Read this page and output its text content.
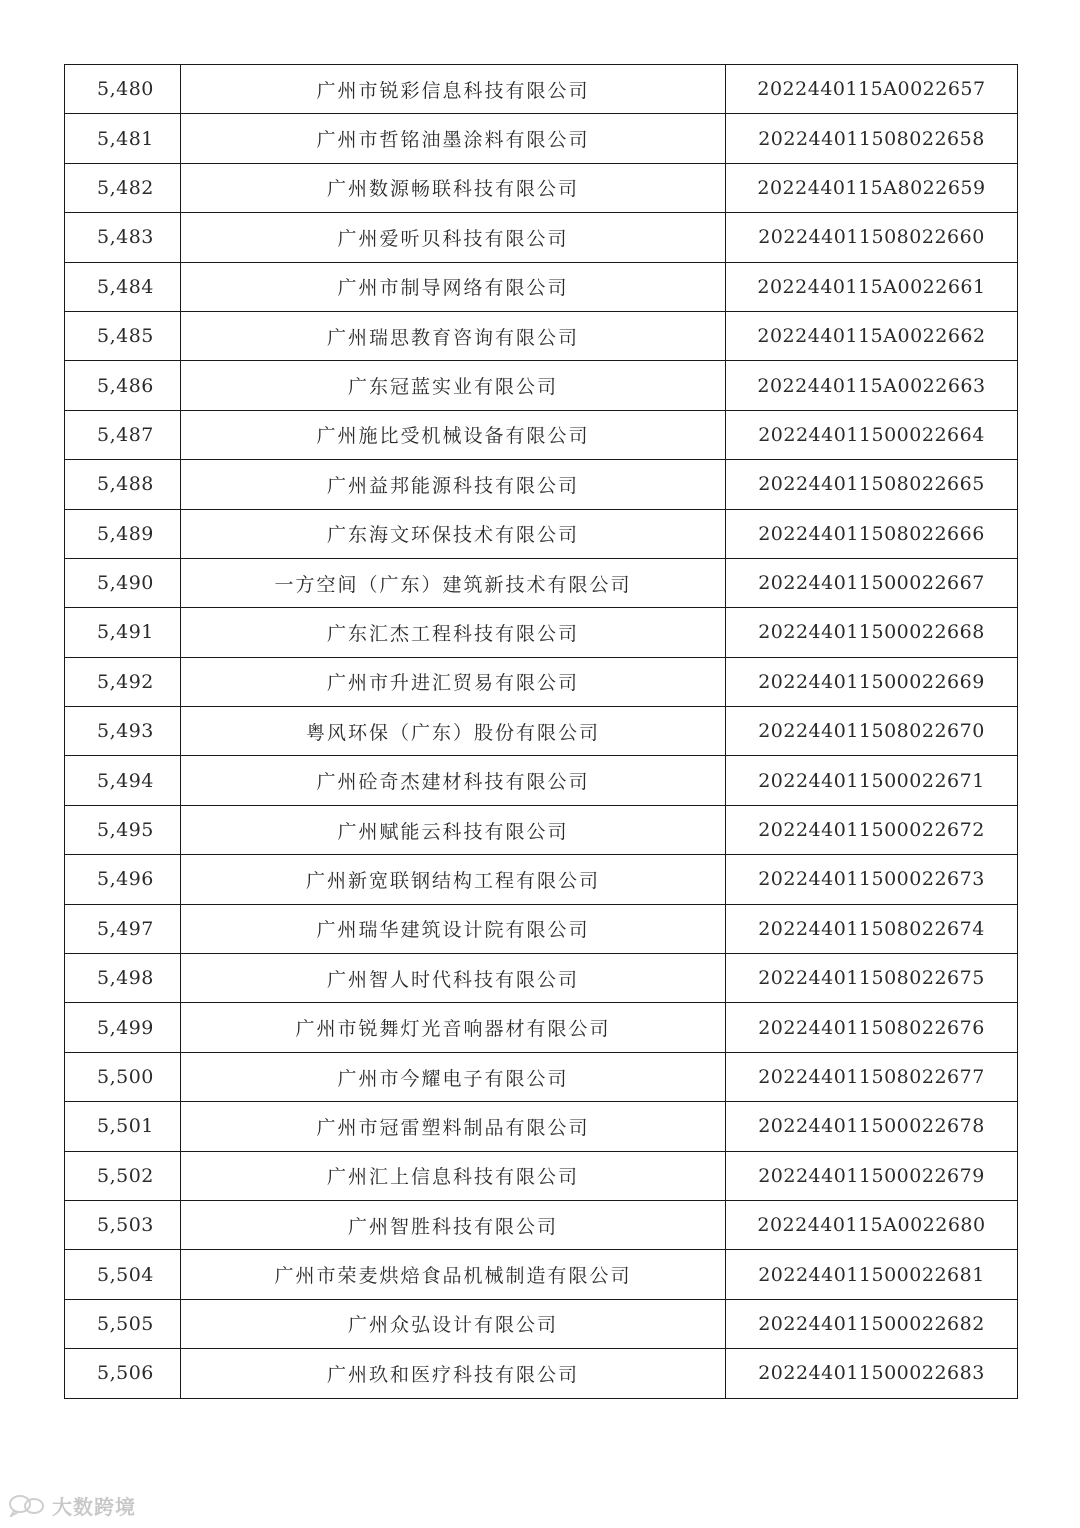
5,480	广州市锐彩信息科技有限公司	2022440115A0022657
5,481	广州市哲铭油墨涂料有限公司	20224401150802265​8
5,482	广州数源畅联科技有限公司	2022440115A8022659
5,483	广州爱听贝科技有限公司	20224401150802266​0
5,484	广州市制导网络有限公司	2022440115A0022661
5,485	广州瑞思教育咨询有限公司	2022440115A0022662
5,486	广东冠蓝实业有限公司	2022440115A0022663
5,487	广州施比受机械设备有限公司	202244011500022664
5,488	广州益邦能源科技有限公司	202244011508022665
5,489	广东海文环保技术有限公司	202244011508022666
5,490	一方空间（广东）建筑新技术有限公司	202244011500022667
5,491	广东汇杰工程科技有限公司	202244011500022668
5,492	广州市升进汇贸易有限公司	202244011500022669
5,493	粤风环保（广东）股份有限公司	202244011508022670
5,494	广州砼奇杰建材科技有限公司	202244011500022671
5,495	广州赋能云科技有限公司	202244011500022672
5,496	广州新宽联钢结构工程有限公司	202244011500022673
5,497	广州瑞华建筑设计院有限公司	202244011508022674
5,498	广州智人时代科技有限公司	202244011508022675
5,499	广州市锐舞灯光音响器材有限公司	202244011508022676
5,500	广州市今耀电子有限公司	202244011508022677
5,501	广州市冠雷塑料制品有限公司	202244011500022678
5,502	广州汇上信息科技有限公司	202244011500022679
5,503	广州智胜科技有限公司	2022440115A0022680
5,504	广州市荣麦烘焙食品机械制造有限公司	202244011500022681
5,505	广州众弘设计有限公司	202244011500022682
5,506	广州玖和医疗科技有限公司	202244011500022683
大数跨境
